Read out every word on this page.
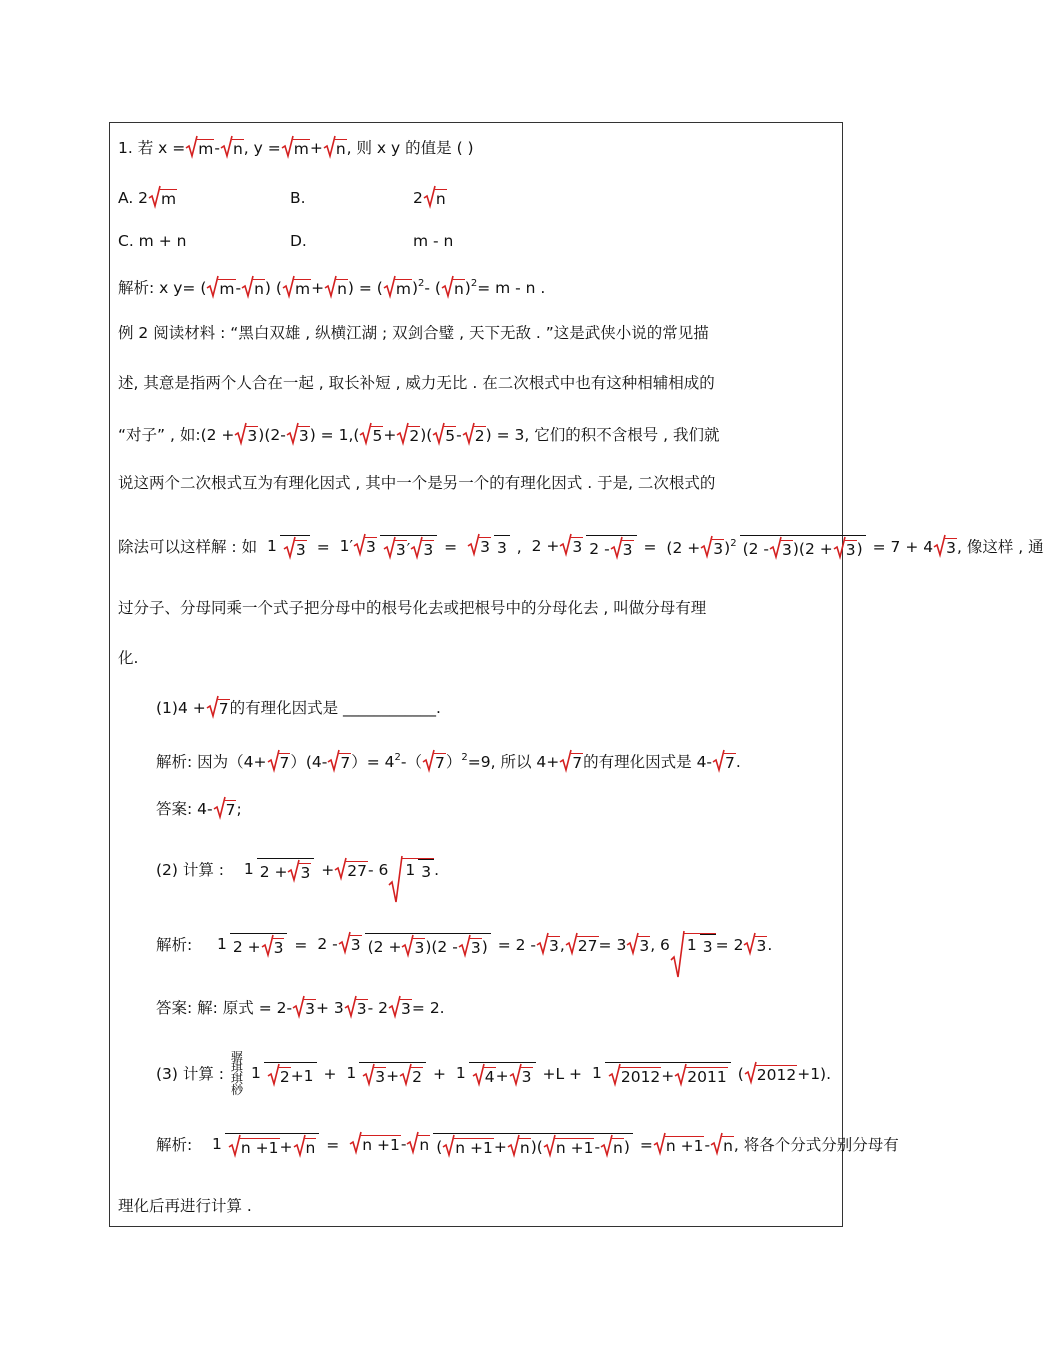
1. 若 x =
m-
n, y =
m+
n, 则 x y 的值是 ( )
A. 2 m	B.	2 n
C. m + n	D.	m - n
解析: x y= ( m-
n) ( m+
n) = ( m)$^2$- ( n)$^2$= m - n .
例 2 阅读材料 : “黑白双雄 , 纵横江湖 ; 双剑合璧 , 天下无敌 . ”这是武侠小说的常见描
述, 其意是指两个人合在一起 , 取长补短 , 威力无比 . 在二次根式中也有这种相辅相成的
“对子” , 如:(2 +
3)(2-
3) = 1,(
5+
2)(
5-
2) = 3, 它们的积不含根号 , 我们就
说这两个二次根式互为有理化因式 , 其中一个是另一个的有理化因式 . 于是, 二次根式的
除法可以这样解 : 如 1 3 = 1′
3 3′
3 =
3 3 , 2 +
3 2 -
3 = (2 +
3)$^2$ (2 -
3)(2 +
3) = 7 + 4 3, 像这样 , 通
过分子、分母同乘一个式子把分母中的根号化去或把根号中的分母化去 , 叫做分母有理
化.
(1)4 +
7的有理化因式是 ____________.
解析: 因为（4+
7）(4-
$7)= 4^2-$（ 7）$^2$=9, 所以 4+
7的有理化因式是 4-
7.
答案: 4-
7;
(2) 计算 : 1 2 +
3 +
27- 6 1 3.
解析: 1 2 +
3 = 2 -
3 (2 +
3)(2 -
3) = 2 -
3,
27= 3 3, 6 1 3= 2 3.
答案: 解: 原式 = 2-
3+ 3 3- 2 3= 2.
(3) 计算 : 骣
琪
琪
桫 1 2+1 + 1 3+
2 + 1 4+
3 +L + 1 2012+
2011 ( 2012+1).
解析: 1 n +1+
n =
n +1-
n ( n +1+
n)( n +1-
n) =
n +1-
n, 将各个分式分别分母有
理化后再进行计算 .
